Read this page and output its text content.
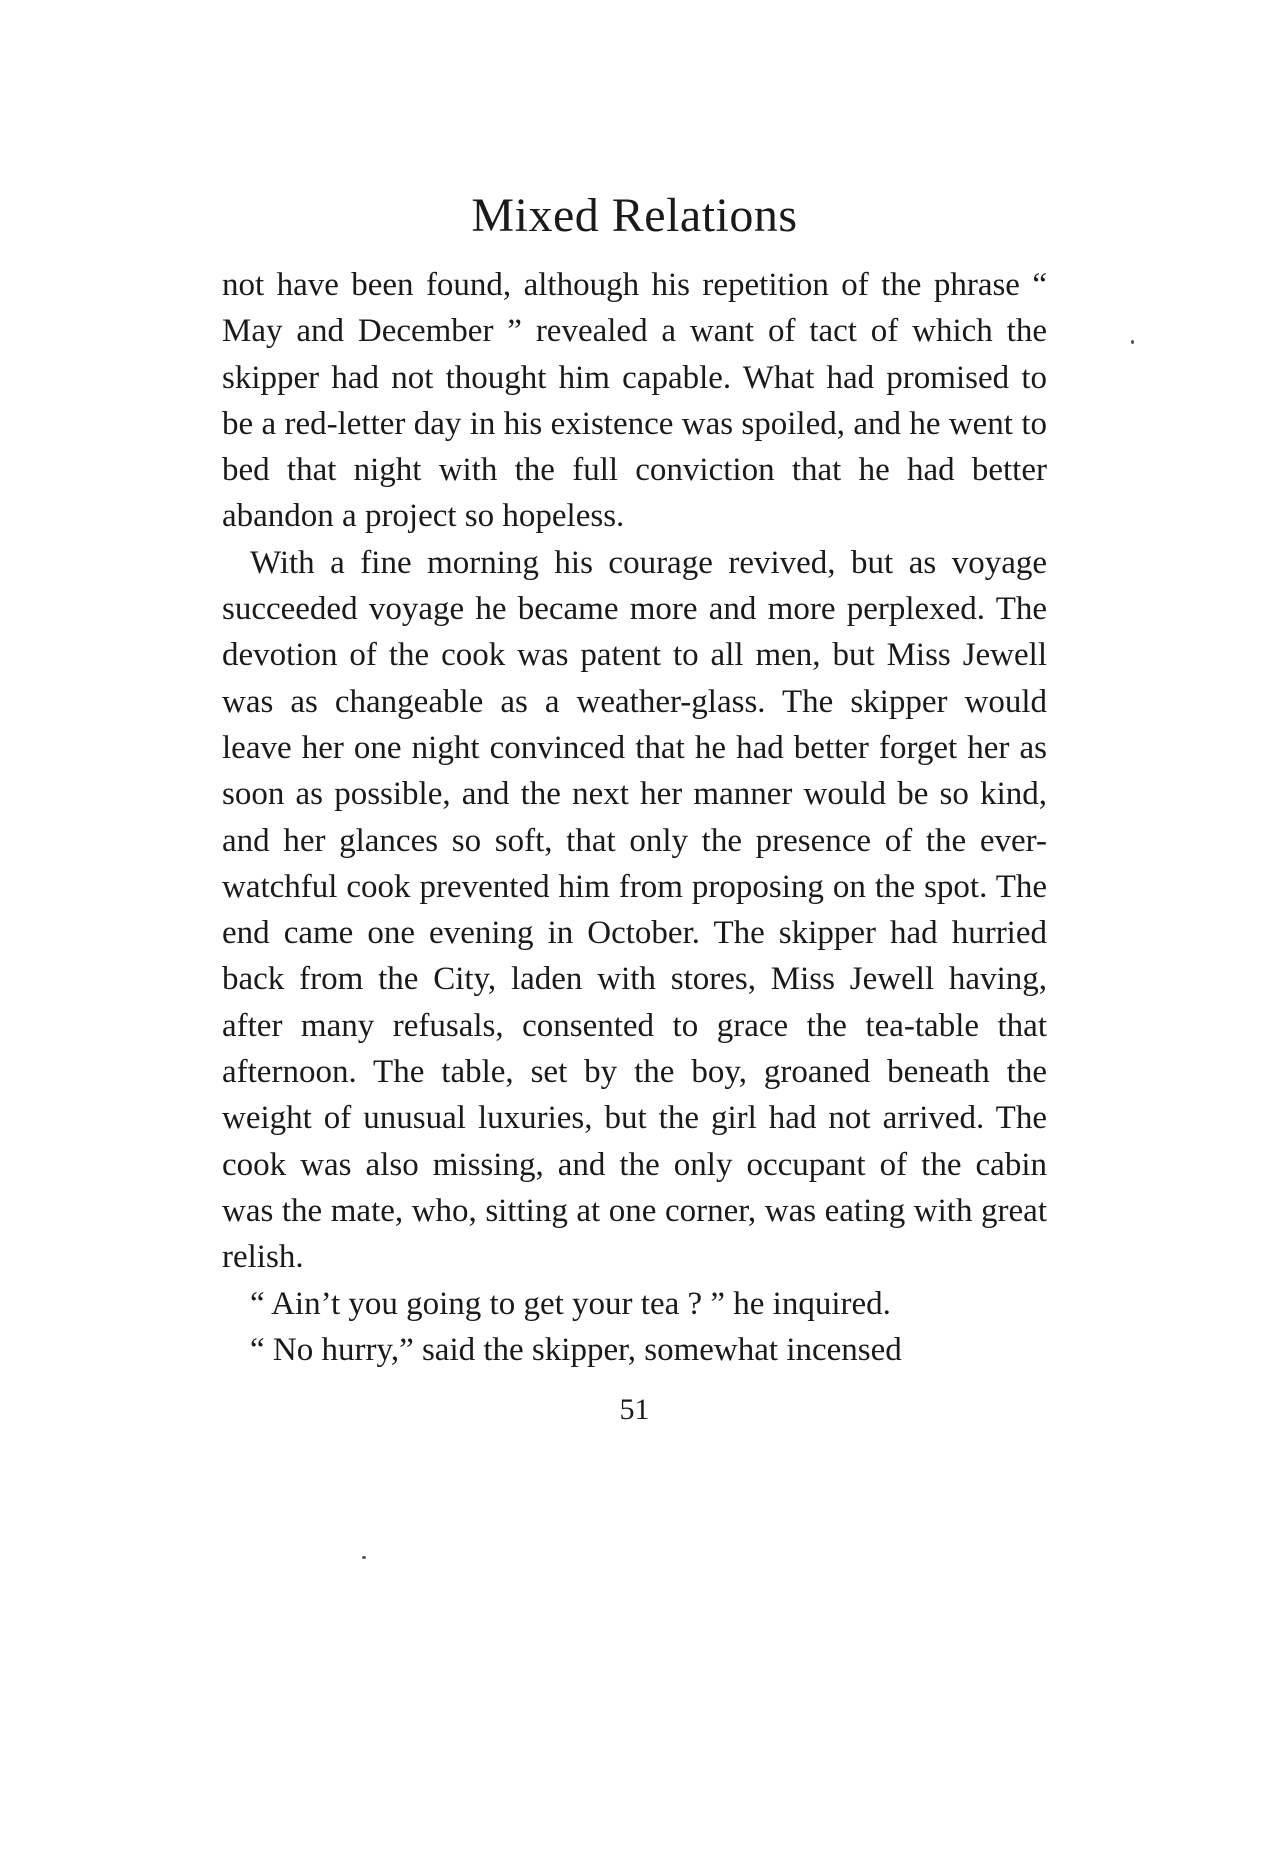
Mixed Relations

not have been found, although his repetition of the phrase “ May and December ” revealed a want of tact of which the skipper had not thought him capable. What had promised to be a red-letter day in his existence was spoiled, and he went to bed that night with the full conviction that he had better abandon a project so hopeless.

With a fine morning his courage revived, but as voyage succeeded voyage he became more and more perplexed. The devotion of the cook was patent to all men, but Miss Jewell was as changeable as a weather-glass. The skipper would leave her one night convinced that he had better forget her as soon as possible, and the next her manner would be so kind, and her glances so soft, that only the presence of the ever-watchful cook prevented him from proposing on the spot. The end came one evening in October. The skipper had hurried back from the City, laden with stores, Miss Jewell having, after many refusals, consented to grace the tea-table that afternoon. The table, set by the boy, groaned beneath the weight of unusual luxuries, but the girl had not arrived. The cook was also missing, and the only occupant of the cabin was the mate, who, sitting at one corner, was eating with great relish.

“ Ain’t you going to get your tea ? ” he inquired.

“ No hurry,” said the skipper, somewhat incensed

51
